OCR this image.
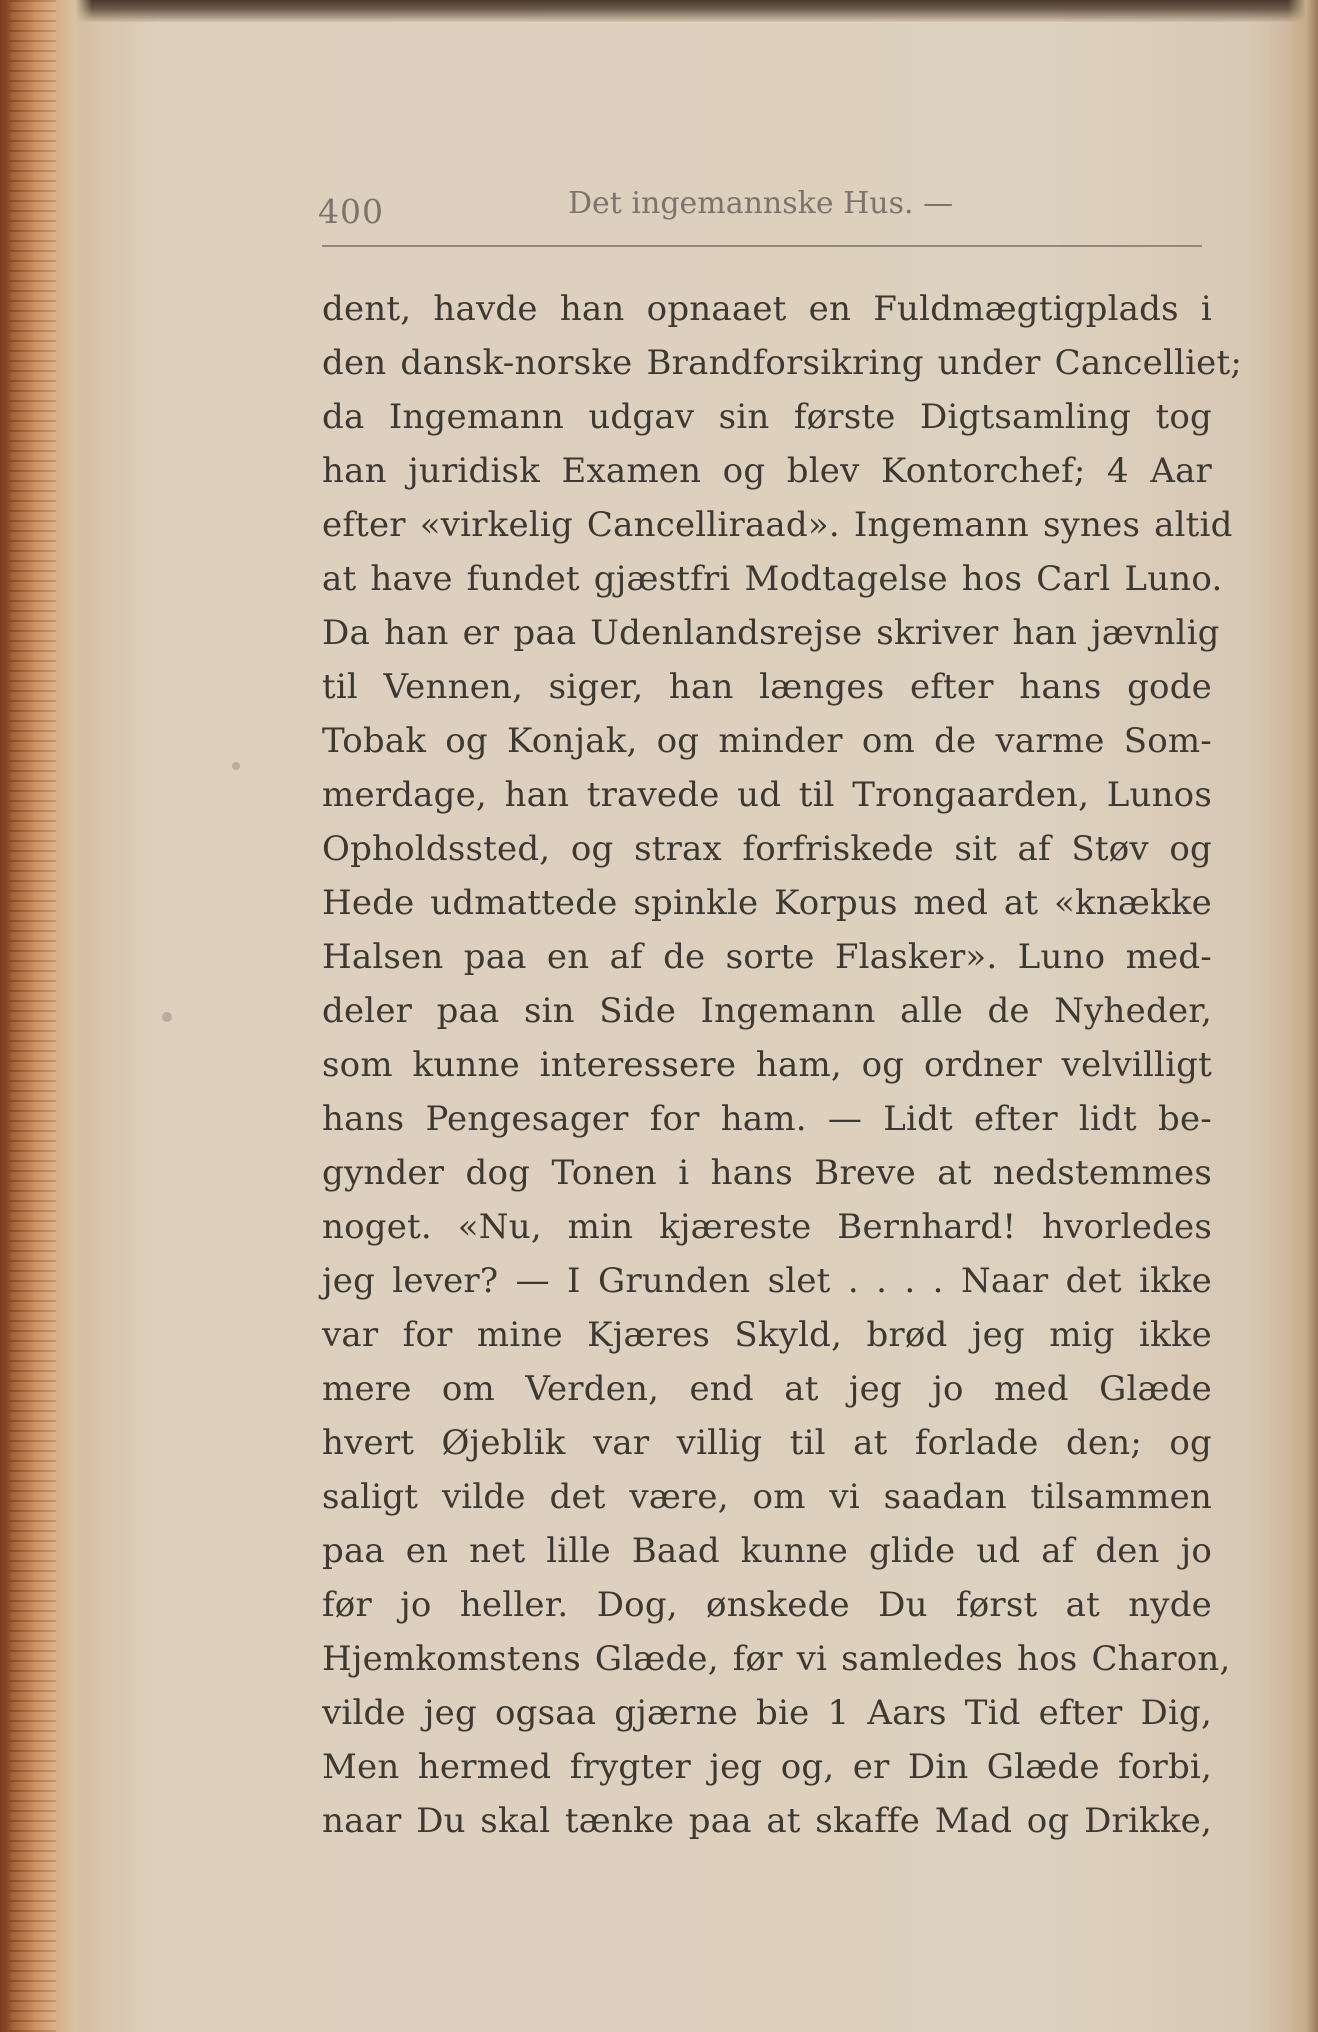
400	Det ingemannske Hus. —
dent, havde han opnaaet en Fuldmægtigplads i
den dansk-norske Brandforsikring under Cancelliet;
da Ingemann udgav sin første Digtsamling tog
han juridisk Examen og blev Kontorchef; 4 Aar
efter «virkelig Cancelliraad». Ingemann synes altid
at have fundet gjæstfri Modtagelse hos Carl Luno.
Da han er paa Udenlandsrejse skriver han jævnlig
til Vennen, siger, han længes efter hans gode
Tobak og Konjak, og minder om de varme Som-
merdage, han travede ud til Trongaarden, Lunos
Opholdssted, og strax forfriskede sit af Støv og
Hede udmattede spinkle Korpus med at «knække
Halsen paa en af de sorte Flasker». Luno med-
deler paa sin Side Ingemann alle de Nyheder,
som kunne interessere ham, og ordner velvilligt
hans Pengesager for ham. — Lidt efter lidt be-
gynder dog Tonen i hans Breve at nedstemmes
noget. «Nu, min kjæreste Bernhard! hvorledes
jeg lever? — I Grunden slet . . . . Naar det ikke
var for mine Kjæres Skyld, brød jeg mig ikke
mere om Verden, end at jeg jo med Glæde
hvert Øjeblik var villig til at forlade den; og
saligt vilde det være, om vi saadan tilsammen
paa en net lille Baad kunne glide ud af den jo
før jo heller. Dog, ønskede Du først at nyde
Hjemkomstens Glæde, før vi samledes hos Charon,
vilde jeg ogsaa gjærne bie 1 Aars Tid efter Dig,
Men hermed frygter jeg og, er Din Glæde forbi,
naar Du skal tænke paa at skaffe Mad og Drikke,
